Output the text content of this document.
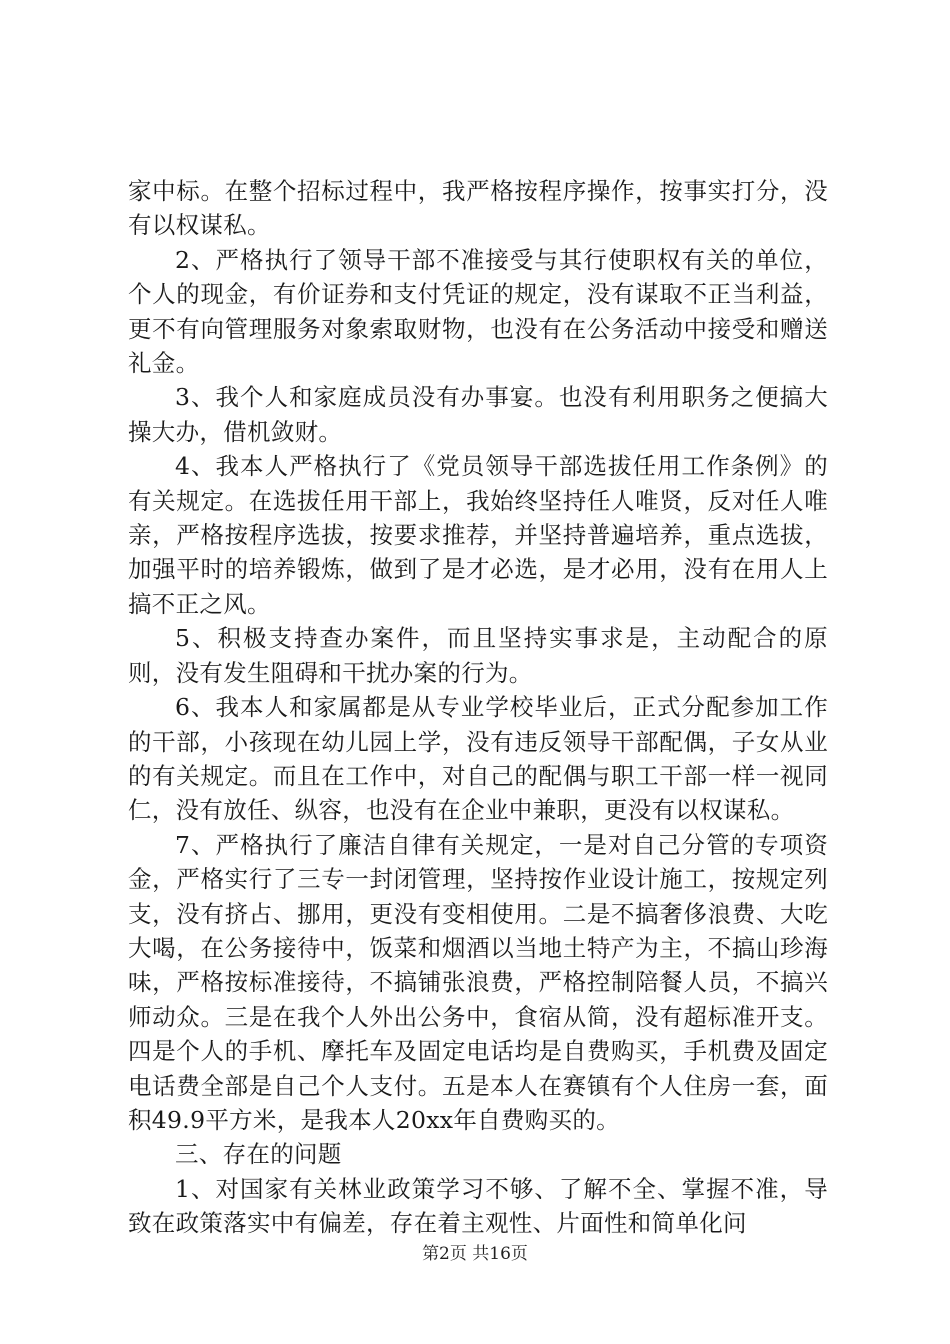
家中标。在整个招标过程中，我严格按程序操作，按事实打分，没有以权谋私。

2、严格执行了领导干部不准接受与其行使职权有关的单位，个人的现金，有价证券和支付凭证的规定，没有谋取不正当利益，更不有向管理服务对象索取财物，也没有在公务活动中接受和赠送礼金。

3、我个人和家庭成员没有办事宴。也没有利用职务之便搞大操大办，借机敛财。

4、我本人严格执行了《党员领导干部选拔任用工作条例》的有关规定。在选拔任用干部上，我始终坚持任人唯贤，反对任人唯亲，严格按程序选拔，按要求推荐，并坚持普遍培养，重点选拔，加强平时的培养锻炼，做到了是才必选，是才必用，没有在用人上搞不正之风。

5、积极支持查办案件，而且坚持实事求是，主动配合的原则，没有发生阻碍和干扰办案的行为。

6、我本人和家属都是从专业学校毕业后，正式分配参加工作的干部，小孩现在幼儿园上学，没有违反领导干部配偶，子女从业的有关规定。而且在工作中，对自己的配偶与职工干部一样一视同仁，没有放任、纵容，也没有在企业中兼职，更没有以权谋私。

7、严格执行了廉洁自律有关规定，一是对自己分管的专项资金，严格实行了三专一封闭管理，坚持按作业设计施工，按规定列支，没有挤占、挪用，更没有变相使用。二是不搞奢侈浪费、大吃大喝，在公务接待中，饭菜和烟酒以当地土特产为主，不搞山珍海味，严格按标准接待，不搞铺张浪费，严格控制陪餐人员，不搞兴师动众。三是在我个人外出公务中，食宿从简，没有超标准开支。四是个人的手机、摩托车及固定电话均是自费购买，手机费及固定电话费全部是自己个人支付。五是本人在赛镇有个人住房一套，面积49.9平方米，是我本人20xx年自费购买的。

三、存在的问题

1、对国家有关林业政策学习不够、了解不全、掌握不准，导致在政策落实中有偏差，存在着主观性、片面性和简单化问

第2页 共16页
